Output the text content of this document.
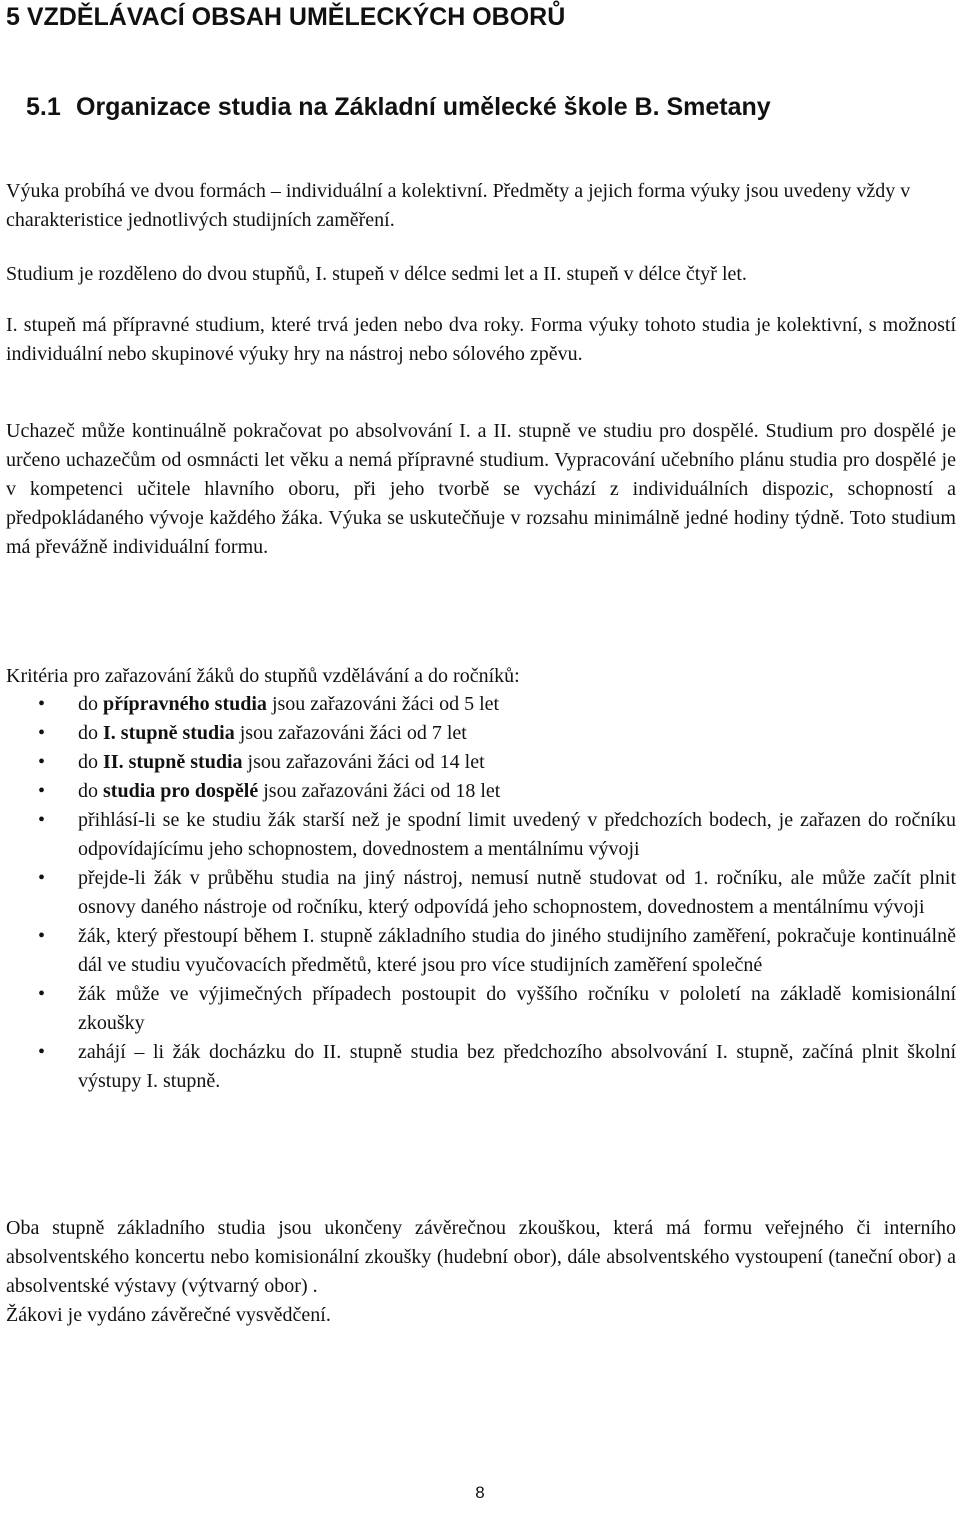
5 VZDĚLÁVACÍ OBSAH UMĚLECKÝCH OBORŮ
5.1 Organizace studia na Základní umělecké škole B. Smetany

Výuka probíhá ve dvou formách – individuální a kolektivní. Předměty a jejich forma výuky jsou uvedeny vždy v charakteristice jednotlivých studijních zaměření.

Studium je rozděleno do dvou stupňů, I. stupeň v délce sedmi let a II. stupeň v délce čtyř let.

I. stupeň má přípravné studium, které trvá jeden nebo dva roky. Forma výuky tohoto studia je kolektivní, s možností individuální nebo skupinové výuky hry na nástroj nebo sólového zpěvu.

Uchazeč může kontinuálně pokračovat po absolvování I. a II. stupně ve studiu pro dospělé. Studium pro dospělé je určeno uchazečům od osmnácti let věku a nemá přípravné studium. Vypracování učebního plánu studia pro dospělé je v kompetenci učitele hlavního oboru, při jeho tvorbě se vychází z individuálních dispozic, schopností a předpokládaného vývoje každého žáka. Výuka se uskutečňuje v rozsahu minimálně jedné hodiny týdně. Toto studium má převážně individuální formu.

Kritéria pro zařazování žáků do stupňů vzdělávání a do ročníků:

• do přípravného studia jsou zařazováni žáci od 5 let
• do I. stupně studia jsou zařazováni žáci od 7 let
• do II. stupně studia jsou zařazováni žáci od 14 let
• do studia pro dospělé jsou zařazováni žáci od 18 let
• přihlásí-li se ke studiu žák starší než je spodní limit uvedený v předchozích bodech, je zařazen do ročníku odpovídajícímu jeho schopnostem, dovednostem a mentálnímu vývoji
• přejde-li žák v průběhu studia na jiný nástroj, nemusí nutně studovat od 1. ročníku, ale může začít plnit osnovy daného nástroje od ročníku, který odpovídá jeho schopnostem, dovednostem a mentálnímu vývoji
• žák, který přestoupí během I. stupně základního studia do jiného studijního zaměření, pokračuje kontinuálně dál ve studiu vyučovacích předmětů, které jsou pro více studijních zaměření společné
• žák může ve výjimečných případech postoupit do vyššího ročníku v pololetí na základě komisionální zkoušky
• zahájí – li žák docházku do II. stupně studia bez předchozího absolvování I. stupně, začíná plnit školní výstupy I. stupně.

Oba stupně základního studia jsou ukončeny závěrečnou zkouškou, která má formu veřejného či interního absolventského koncertu nebo komisionální zkoušky (hudební obor), dále absolventského vystoupení (taneční obor) a absolventské výstavy (výtvarný obor) .

Žákovi je vydáno závěrečné vysvědčení.

8
